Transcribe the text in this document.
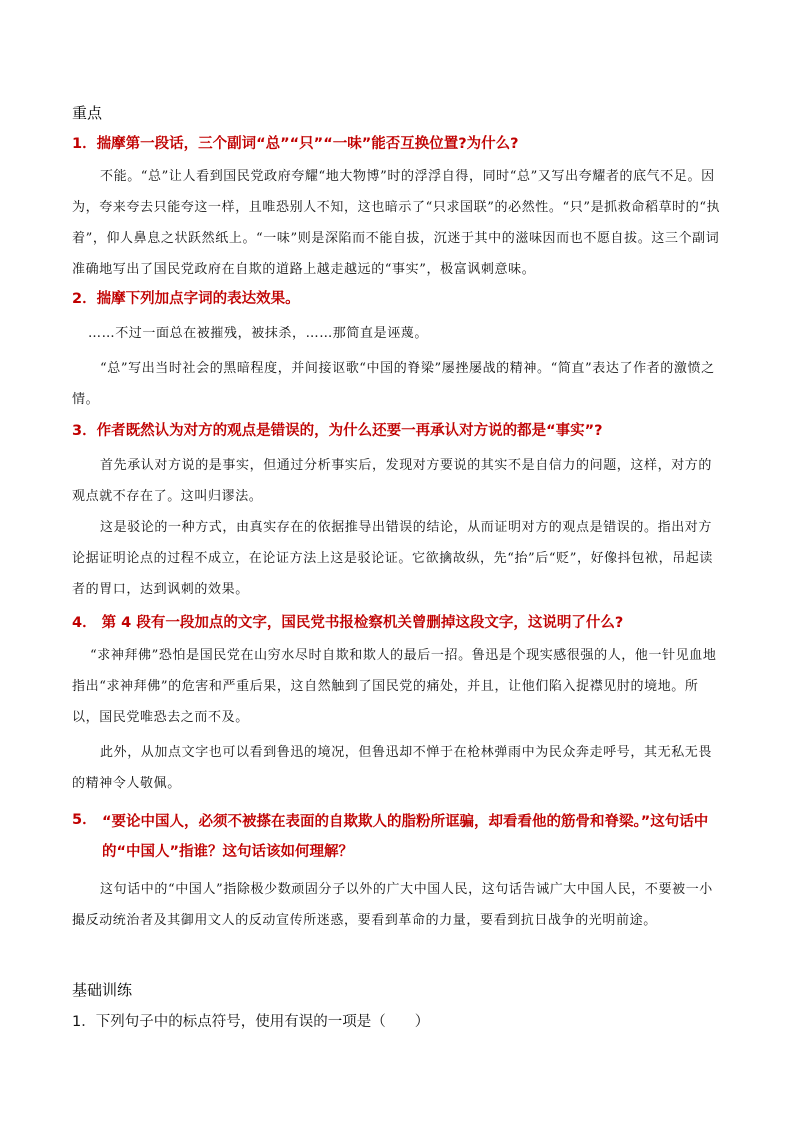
重点
1．揣摩第一段话，三个副词“总”“只”“一味”能否互换位置?为什么?
不能。“总”让人看到国民党政府夸耀“地大物博”时的浮浮自得，同时“总”又写出夸耀者的底气不足。因为，夸来夸去只能夸这一样，且唯恐别人不知，这也暗示了“只求国联”的必然性。“只”是抓救命稻草时的“执着”，仰人鼻息之状跃然纸上。“一味”则是深陷而不能自拔，沉迷于其中的滋味因而也不愿自拔。这三个副词准确地写出了国民党政府在自欺的道路上越走越远的“事实”，极富讽刺意味。
2．揣摩下列加点字词的表达效果。
……不过一面总在被摧残，被抹杀，……那简直是诬蔑。
“总”写出当时社会的黑暗程度，并间接讴歌“中国的脊梁”屡挫屡战的精神。“简直”表达了作者的激愤之情。
3．作者既然认为对方的观点是错误的，为什么还要一再承认对方说的都是“事实”?
首先承认对方说的是事实，但通过分析事实后，发现对方要说的其实不是自信力的问题，这样，对方的观点就不存在了。这叫归谬法。
这是驳论的一种方式，由真实存在的依据推导出错误的结论，从而证明对方的观点是错误的。指出对方论据证明论点的过程不成立，在论证方法上这是驳论证。它欲擒故纵，先“抬”后“贬”，好像抖包袱，吊起读者的胃口，达到讽刺的效果。
4． 第 4 段有一段加点的文字，国民党书报检察机关曾删掉这段文字，这说明了什么?
“求神拜佛”恐怕是国民党在山穷水尽时自欺和欺人的最后一招。鲁迅是个现实感很强的人，他一针见血地指出“求神拜佛”的危害和严重后果，这自然触到了国民党的痛处，并且，让他们陷入捉襟见肘的境地。所以，国民党唯恐去之而不及。
此外，从加点文字也可以看到鲁迅的境况，但鲁迅却不惮于在枪林弹雨中为民众奔走呼号，其无私无畏的精神令人敬佩。
5． “要论中国人，必须不被搽在表面的自欺欺人的脂粉所诓骗，却看看他的筋骨和脊梁。”这句话中的“中国人”指谁？这句话该如何理解？
这句话中的“中国人”指除极少数顽固分子以外的广大中国人民，这句话告诫广大中国人民，不要被一小撮反动统治者及其御用文人的反动宣传所迷惑，要看到革命的力量，要看到抗日战争的光明前途。
基础训练
1．下列句子中的标点符号，使用有误的一项是（　　）
